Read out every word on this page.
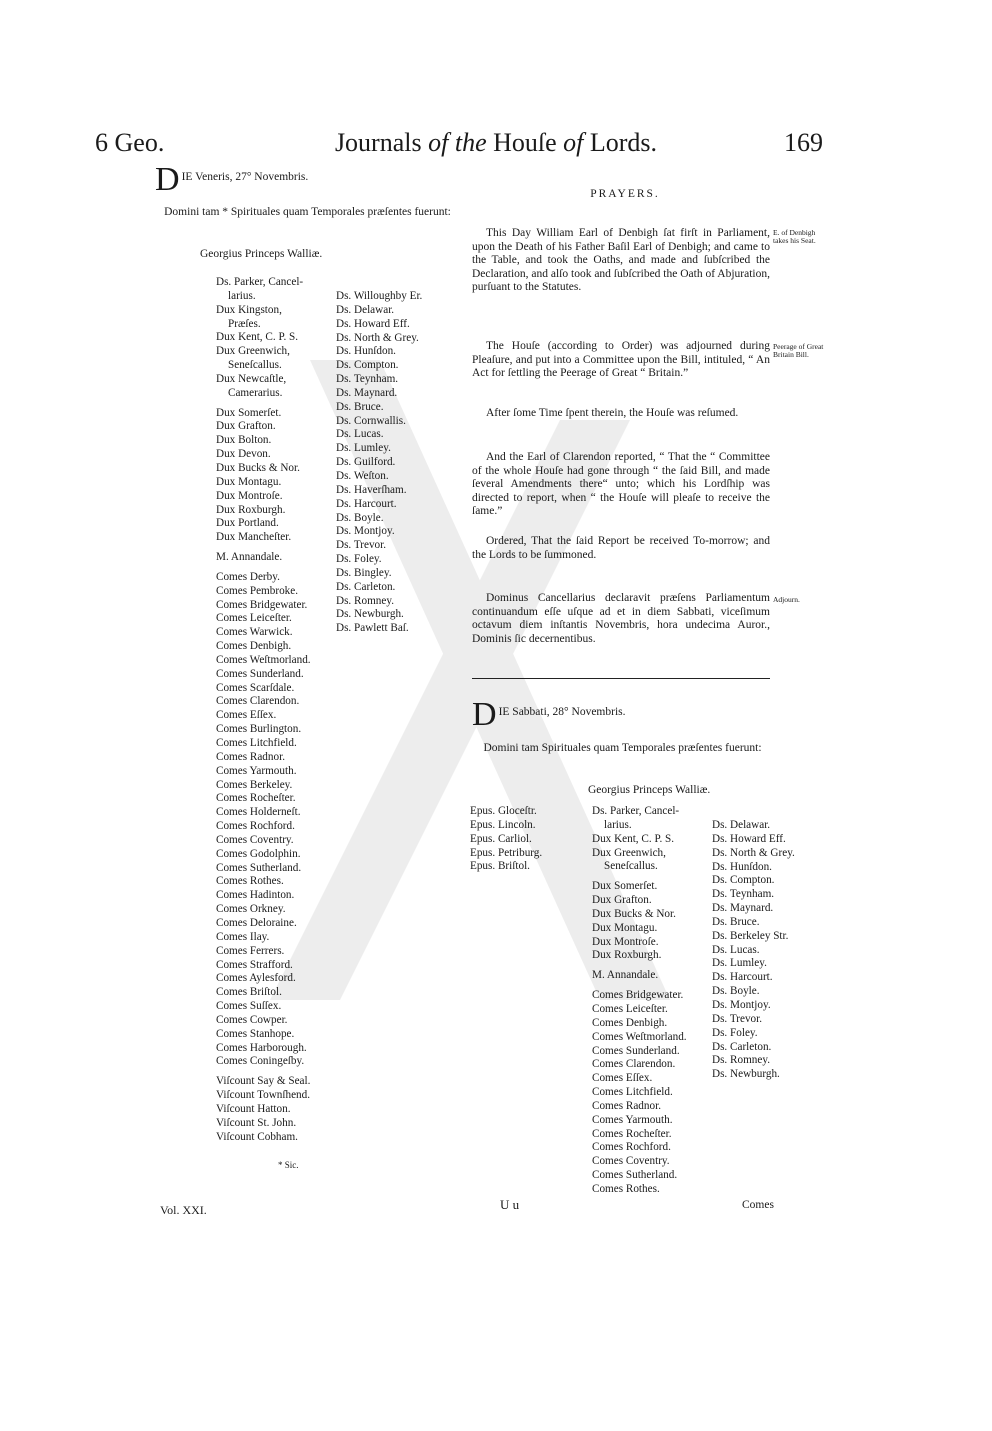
6 Geo.	Journals of the Houſe of Lords.	169
D IE Veneris, 27° Novembris.
Domini tam * Spirituales quam Temporales præſentes fuerunt:
Georgius Princeps Walliæ.
Ds. Parker, Cancel-
larius.
Dux Kingston,
Præſes.
Dux Kent, C. P. S.
Dux Greenwich,
Seneſcallus.
Dux Newcaſtle,
Camerarius.
Dux Somerſet.
Dux Grafton.
Dux Bolton.
Dux Devon.
Dux Bucks & Nor.
Dux Montagu.
Dux Montroſe.
Dux Roxburgh.
Dux Portland.
Dux Mancheſter.
M. Annandale.
Comes Derby.
Comes Pembroke.
Comes Bridgewater.
Comes Leiceſter.
Comes Warwick.
Comes Denbigh.
Comes Weſtmorland.
Comes Sunderland.
Comes Scarſdale.
Comes Clarendon.
Comes Eſſex.
Comes Burlington.
Comes Litchfield.
Comes Radnor.
Comes Yarmouth.
Comes Berkeley.
Comes Rocheſter.
Comes Holderneſt.
Comes Rochford.
Comes Coventry.
Comes Godolphin.
Comes Sutherland.
Comes Rothes.
Comes Hadinton.
Comes Orkney.
Comes Deloraine.
Comes Ilay.
Comes Ferrers.
Comes Strafford.
Comes Aylesford.
Comes Briſtol.
Comes Suſſex.
Comes Cowper.
Comes Stanhope.
Comes Harborough.
Comes Coningeſby.
Viſcount Say & Seal.
Viſcount Townſhend.
Viſcount Hatton.
Viſcount St. John.
Viſcount Cobham.
Ds. Willoughby Er.
Ds. Delawar.
Ds. Howard Eff.
Ds. North & Grey.
Ds. Hunſdon.
Ds. Compton.
Ds. Teynham.
Ds. Maynard.
Ds. Bruce.
Ds. Cornwallis.
Ds. Lucas.
Ds. Lumley.
Ds. Guilford.
Ds. Weſton.
Ds. Haverſham.
Ds. Harcourt.
Ds. Boyle.
Ds. Montjoy.
Ds. Trevor.
Ds. Foley.
Ds. Bingley.
Ds. Carleton.
Ds. Romney.
Ds. Newburgh.
Ds. Pawlett Baſ.
* Sic.
PRAYERS.
This Day William Earl of Denbigh ſat firſt in Parliament, upon the Death of his Father Baſil Earl of Denbigh; and came to the Table, and took the Oaths, and made and ſubſcribed the Declaration, and alſo took and ſubſcribed the Oath of Abjuration, purſuant to the Statutes.
E. of Denbigh takes his Seat.
The Houſe (according to Order) was adjourned during Pleaſure, and put into a Committee upon the Bill, intituled, “ An Act for ſettling the Peerage of Great “ Britain.”
Peerage of Great Britain Bill.
After ſome Time ſpent therein, the Houſe was reſumed.
And the Earl of Clarendon reported, “ That the “ Committee of the whole Houſe had gone through “ the ſaid Bill, and made ſeveral Amendments there“ unto; which his Lordſhip was directed to report, when “ the Houſe will pleaſe to receive the ſame.”
Ordered, That the ſaid Report be received To-morrow; and the Lords to be ſummoned.
Dominus Cancellarius declaravit præſens Parliamentum continuandum eſſe uſque ad et in diem Sabbati, viceſimum octavum diem inſtantis Novembris, hora undecima Auror., Dominis ſic decernentibus.
Adjourn.
D IE Sabbati, 28° Novembris.
Domini tam Spirituales quam Temporales præſentes fuerunt:
Georgius Princeps Walliæ.
Epus. Gloceſtr.
Epus. Lincoln.
Epus. Carliol.
Epus. Petriburg.
Epus. Briſtol.
Ds. Parker, Cancel-
larius.
Dux Kent, C. P. S.
Dux Greenwich,
Seneſcallus.
Dux Somerſet.
Dux Grafton.
Dux Bucks & Nor.
Dux Montagu.
Dux Montroſe.
Dux Roxburgh.
M. Annandale.
Comes Bridgewater.
Comes Leiceſter.
Comes Denbigh.
Comes Weſtmorland.
Comes Sunderland.
Comes Clarendon.
Comes Eſſex.
Comes Litchfield.
Comes Radnor.
Comes Yarmouth.
Comes Rocheſter.
Comes Rochford.
Comes Coventry.
Comes Sutherland.
Comes Rothes.
Ds. Delawar.
Ds. Howard Eff.
Ds. North & Grey.
Ds. Hunſdon.
Ds. Compton.
Ds. Teynham.
Ds. Maynard.
Ds. Bruce.
Ds. Berkeley Str.
Ds. Lucas.
Ds. Lumley.
Ds. Harcourt.
Ds. Boyle.
Ds. Montjoy.
Ds. Trevor.
Ds. Foley.
Ds. Carleton.
Ds. Romney.
Ds. Newburgh.
Vol. XXI.	U u	Comes
